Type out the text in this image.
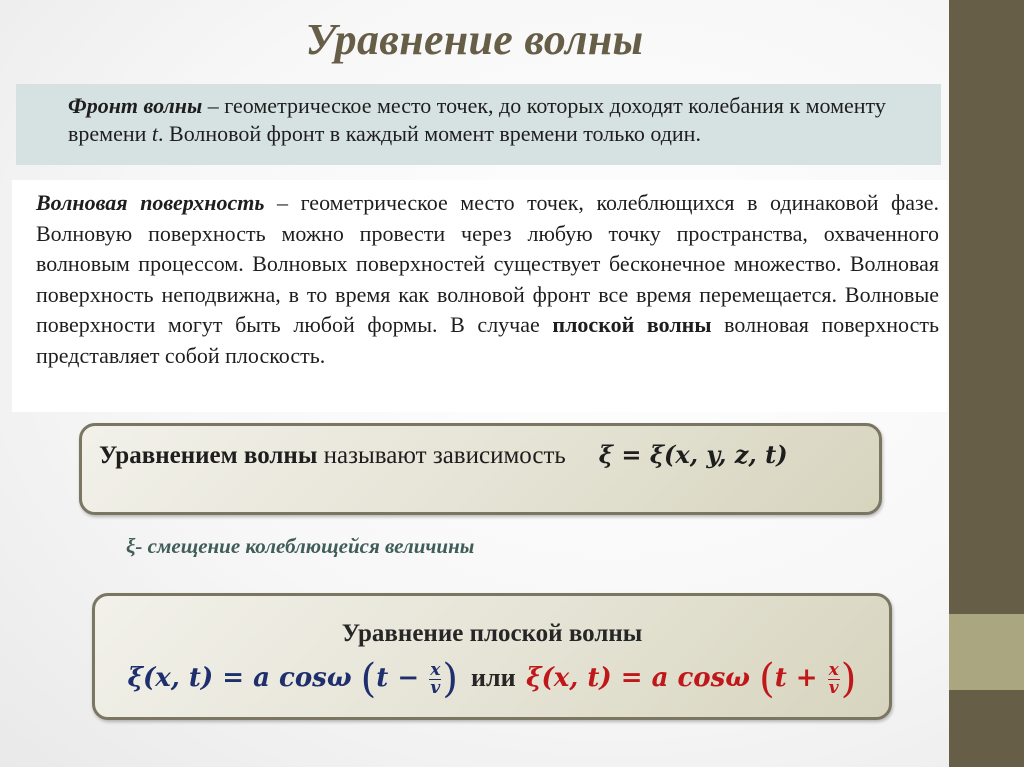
Уравнение волны
Фронт волны – геометрическое место точек, до которых доходят колебания к моменту времени t. Волновой фронт в каждый момент времени только один.
Волновая поверхность – геометрическое место точек, колеблющихся в одинаковой фазе. Волновую поверхность можно провести через любую точку пространства, охваченного волновым процессом. Волновых поверхностей существует бесконечное множество. Волновая поверхность неподвижна, в то время как волновой фронт все время перемещается. Волновые поверхности могут быть любой формы. В случае плоской волны волновая поверхность представляет собой плоскость.
Уравнением волны называют зависимость ξ = ξ(x, y, z, t)
ξ- смещение колеблющейся величины
Уравнение плоской волны
ξ(x, t) = a cosω ($t - \frac{x}{v}$ ) или ξ(x, t) = a cosω ($t + \frac{x}{v}$ )
